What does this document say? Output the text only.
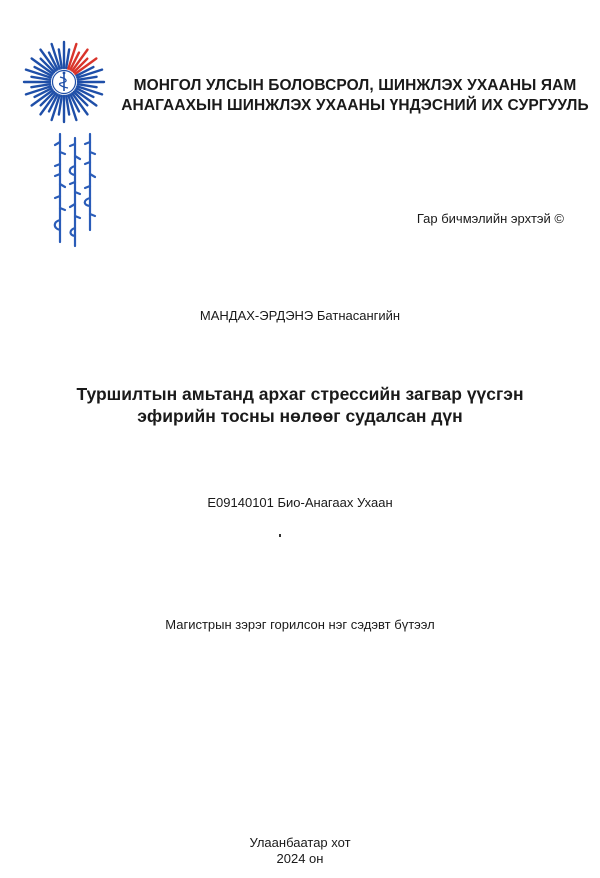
МОНГОЛ УЛСЫН БОЛОВСРОЛ, ШИНЖЛЭХ УХААНЫ ЯАМ
АНАГААХЫН ШИНЖЛЭХ УХААНЫ ҮНДЭСНИЙ ИХ СУРГУУЛЬ
Гар бичмэлийн эрхтэй ©
МАНДАХ-ЭРДЭНЭ Батнасангийн
Туршилтын амьтанд архаг стрессийн загвар үүсгэн
эфирийн тосны нөлөөг судалсан дүн
E09140101 Био-Анагаах Ухаан
Магистрын зэрэг горилсон нэг сэдэвт бүтээл
Улаанбаатар хот
2024 он
